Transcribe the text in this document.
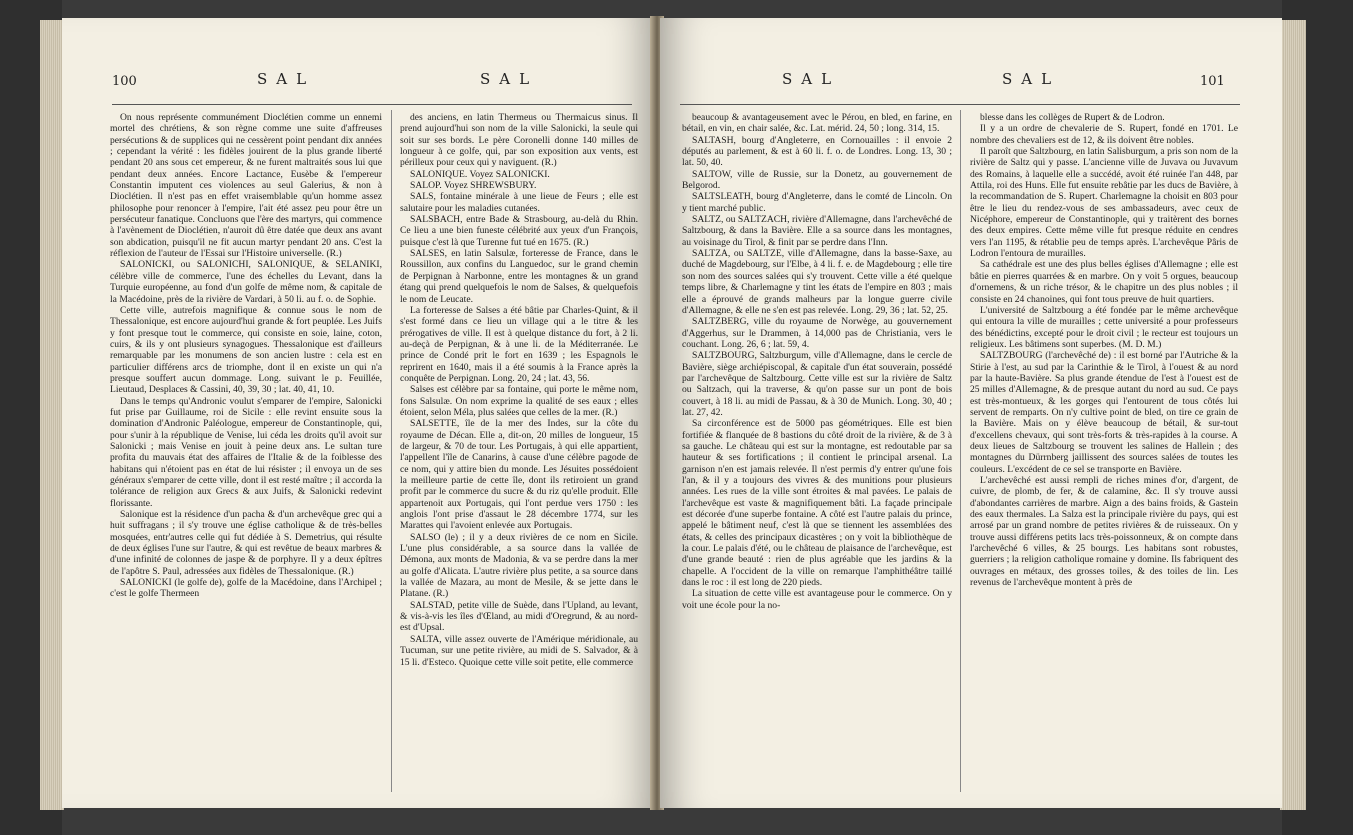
100	SAL	SAL

On nous représente communément Dioclétien comme un ennemi mortel des chrétiens, & son règne comme une suite d'affreuses persécutions & de supplices qui ne cessèrent point pendant dix années ; cependant la vérité : les fidèles jouirent de la plus grande liberté pendant 20 ans sous cet empereur, & ne furent maltraités sous lui que pendant deux années. Encore Lactance, Eusèbe & l'empereur Constantin imputent ces violences au seul Galerius, & non à Dioclétien. Il n'est pas en effet vraisemblable qu'un homme assez philosophe pour renoncer à l'empire, l'ait été assez peu pour être un persécuteur fanatique. Concluons que l'ère des martyrs, qui commence à l'avènement de Dioclétien, n'auroit dû être datée que deux ans avant son abdication, puisqu'il ne fit aucun martyr pendant 20 ans. C'est la réflexion de l'auteur de l'Essai sur l'Histoire universelle. (R.)

SALONICKI, ou SALONICHI, SALONIQUE, & SELANIKI, célèbre ville de commerce, l'une des échelles du Levant, dans la Turquie européenne, au fond d'un golfe de même nom, & capitale de la Macédoine, près de la rivière de Vardari, à 50 li. au f. o. de Sophie.

Cette ville, autrefois magnifique & connue sous le nom de Thessalonique, est encore aujourd'hui grande & fort peuplée. Les Juifs y font presque tout le commerce, qui consiste en soie, laine, coton, cuirs, & ils y ont plusieurs synagogues. Thessalonique est d'ailleurs remarquable par les monumens de son ancien lustre : cela est en particulier différens arcs de triomphe, dont il en existe un qui n'a presque souffert aucun dommage. Long. suivant le p. Feuillée, Lieutaud, Desplaces & Cassini, 40, 39, 30 ; lat. 40, 41, 10.

Dans le temps qu'Andronic voulut s'emparer de l'empire, Salonicki fut prise par Guillaume, roi de Sicile : elle revint ensuite sous la domination d'Andronic Paléologue, empereur de Constantinople, qui, pour s'unir à la république de Venise, lui céda les droits qu'il avoit sur Salonicki ; mais Venise en jouit à peine deux ans. Le sultan ture profita du mauvais état des affaires de l'Italie & de la foiblesse des habitans qui n'étoient pas en état de lui résister ; il envoya un de ses généraux s'emparer de cette ville, dont il est resté maître ; il accorda la tolérance de religion aux Grecs & aux Juifs, & Salonicki redevint florissante.

Salonique est la résidence d'un pacha & d'un archevêque grec qui a huit suffragans ; il s'y trouve une église catholique & de très-belles mosquées, entr'autres celle qui fut dédiée à S. Demetrius, qui résulte de deux églises l'une sur l'autre, & qui est revêtue de beaux marbres & d'une infinité de colonnes de jaspe & de porphyre. Il y a deux épîtres de l'apôtre S. Paul, adressées aux fidèles de Thessalonique. (R.)

SALONICKI (le golfe de), golfe de la Macédoine, dans l'Archipel ; c'est le golfe Thermeen

des anciens, en latin Thermeus ou Thermaicus sinus. Il prend aujourd'hui son nom de la ville Salonicki, la seule qui soit sur ses bords. Le père Coronelli donne 140 milles de longueur à ce golfe, qui, par son exposition aux vents, est périlleux pour ceux qui y naviguent. (R.)

SALONIQUE. Voyez SALONICKI.

SALOP. Voyez SHREWSBURY.

SALS, fontaine minérale à une lieue de Feurs ; elle est salutaire pour les maladies cutanées.

SALSBACH, entre Bade & Strasbourg, au-delà du Rhin. Ce lieu a une bien funeste célébrité aux yeux d'un François, puisque c'est là que Turenne fut tué en 1675. (R.)

SALSES, en latin Salsulæ, forteresse de France, dans le Roussillon, aux confins du Languedoc, sur le grand chemin de Perpignan à Narbonne, entre les montagnes & un grand étang qui prend quelquefois le nom de Salses, & quelquefois le nom de Leucate.

La forteresse de Salses a été bâtie par Charles-Quint, & il s'est formé dans ce lieu un village qui a le titre & les prérogatives de ville. Il est à quelque distance du fort, à 2 li. au-deçà de Perpignan, & à une li. de la Méditerranée. Le prince de Condé prit le fort en 1639 ; les Espagnols le reprirent en 1640, mais il a été soumis à la France après la conquête de Perpignan. Long. 20, 24 ; lat. 43, 56.

Salses est célèbre par sa fontaine, qui porte le même nom, fons Salsulæ. On nom exprime la qualité de ses eaux ; elles étoient, selon Méla, plus salées que celles de la mer. (R.)

SALSETTE, île de la mer des Indes, sur la côte du royaume de Décan. Elle a, dit-on, 20 milles de longueur, 15 de largeur, & 70 de tour. Les Portugais, à qui elle appartient, l'appellent l'île de Canarins, à cause d'une célèbre pagode de ce nom, qui y attire bien du monde. Les Jésuites possédoient la meilleure partie de cette île, dont ils retiroient un grand profit par le commerce du sucre & du riz qu'elle produit. Elle appartenoit aux Portugais, qui l'ont perdue vers 1750 : les anglois l'ont prise d'assaut le 28 décembre 1774, sur les Marattes qui l'avoient enlevée aux Portugais.

SALSO (le) ; il y a deux rivières de ce nom en Sicile. L'une plus considérable, a sa source dans la vallée de Démona, aux monts de Madonia, & va se perdre dans la mer au golfe d'Alicata. L'autre rivière plus petite, a sa source dans la vallée de Mazara, au mont de Mesile, & se jette dans le Platane. (R.)

SALSTAD, petite ville de Suède, dans l'Upland, au levant, & vis-à-vis les îles d'Œland, au midi d'Oregrund, & au nord-est d'Upsal.

SALTA, ville assez ouverte de l'Amérique méridionale, au Tucuman, sur une petite rivière, au midi de S. Salvador, & à 15 li. d'Esteco. Quoique cette ville soit petite, elle commerce

SAL	SAL	101

beaucoup & avantageusement avec le Pérou, en bled, en farine, en bétail, en vin, en chair salée, &c. Lat. mérid. 24, 50 ; long. 314, 15.

SALTASH, bourg d'Angleterre, en Cornouailles : il envoie 2 députés au parlement, & est à 60 li. f. o. de Londres. Long. 13, 30 ; lat. 50, 40.

SALTOW, ville de Russie, sur la Donetz, au gouvernement de Belgorod.

SALTSLEATH, bourg d'Angleterre, dans le comté de Lincoln. On y tient marché public.

SALTZ, ou SALTZACH, rivière d'Allemagne, dans l'archevêché de Saltzbourg, & dans la Bavière. Elle a sa source dans les montagnes, au voisinage du Tirol, & finit par se perdre dans l'Inn.

SALTZA, ou SALTZE, ville d'Allemagne, dans la basse-Saxe, au duché de Magdebourg, sur l'Elbe, à 4 li. f. e. de Magdebourg ; elle tire son nom des sources salées qui s'y trouvent. Cette ville a été quelque temps libre, & Charlemagne y tint les états de l'empire en 803 ; mais elle a éprouvé de grands malheurs par la longue guerre civile d'Allemagne, & elle ne s'en est pas relevée. Long. 29, 36 ; lat. 52, 25.

SALTZBERG, ville du royaume de Norwège, au gouvernement d'Aggerhus, sur le Drammen, à 14,000 pas de Christiania, vers le couchant. Long. 26, 6 ; lat. 59, 4.

SALTZBOURG, Saltzburgum, ville d'Allemagne, dans le cercle de Bavière, siège archiépiscopal, & capitale d'un état souverain, possédé par l'archevêque de Saltzbourg. Cette ville est sur la rivière de Saltz ou Saltzach, qui la traverse, & qu'on passe sur un pont de bois couvert, à 18 li. au midi de Passau, & à 30 de Munich. Long. 30, 40 ; lat. 27, 42.

Sa circonférence est de 5000 pas géométriques. Elle est bien fortifiée & flanquée de 8 bastions du côté droit de la rivière, & de 3 à sa gauche. Le château qui est sur la montagne, est redoutable par sa hauteur & ses fortifications ; il contient le principal arsenal. La garnison n'en est jamais relevée. Il n'est permis d'y entrer qu'une fois l'an, & il y a toujours des vivres & des munitions pour plusieurs années. Les rues de la ville sont étroites & mal pavées. Le palais de l'archevêque est vaste & magnifiquement bâti. La façade principale est décorée d'une superbe fontaine. A côté est l'autre palais du prince, appelé le bâtiment neuf, c'est là que se tiennent les assemblées des états, & celles des principaux dicastères ; on y voit la bibliothèque de la cour. Le palais d'été, ou le château de plaisance de l'archevêque, est d'une grande beauté : rien de plus agréable que les jardins & la chapelle. A l'occident de la ville on remarque l'amphithéâtre taillé dans le roc : il est long de 220 pieds.

La situation de cette ville est avantageuse pour le commerce. On y voit une école pour la no-

blesse dans les collèges de Rupert & de Lodron.

Il y a un ordre de chevalerie de S. Rupert, fondé en 1701. Le nombre des chevaliers est de 12, & ils doivent être nobles.

Il paroît que Saltzbourg, en latin Salisburgum, a pris son nom de la rivière de Saltz qui y passe. L'ancienne ville de Juvava ou Juvavum des Romains, à laquelle elle a succédé, avoit été ruinée l'an 448, par Attila, roi des Huns. Elle fut ensuite rebâtie par les ducs de Bavière, à la recommandation de S. Rupert. Charlemagne la choisit en 803 pour être le lieu du rendez-vous de ses ambassadeurs, avec ceux de Nicéphore, empereur de Constantinople, qui y traitèrent des bornes des deux empires. Cette même ville fut presque réduite en cendres vers l'an 1195, & rétablie peu de temps après. L'archevêque Pâris de Lodron l'entoura de murailles.

Sa cathédrale est une des plus belles églises d'Allemagne ; elle est bâtie en pierres quarrées & en marbre. On y voit 5 orgues, beaucoup d'ornemens, & un riche trésor, & le chapitre un des plus nobles ; il consiste en 24 chanoines, qui font tous preuve de huit quartiers.

L'université de Saltzbourg a été fondée par le même archevêque qui entoura la ville de murailles ; cette université a pour professeurs des bénédictins, excepté pour le droit civil ; le recteur est toujours un religieux. Les bâtimens sont superbes. (M. D. M.)

SALTZBOURG (l'archevêché de) : il est borné par l'Autriche & la Stirie à l'est, au sud par la Carinthie & le Tirol, à l'ouest & au nord par la haute-Bavière. Sa plus grande étendue de l'est à l'ouest est de 25 milles d'Allemagne, & de presque autant du nord au sud. Ce pays est très-montueux, & les gorges qui l'entourent de tous côtés lui servent de remparts. On n'y cultive point de bled, on tire ce grain de la Bavière. Mais on y élève beaucoup de bétail, & sur-tout d'excellens chevaux, qui sont très-forts & très-rapides à la course. A deux lieues de Saltzbourg se trouvent les salines de Hallein ; des montagnes du Dürrnberg jaillissent des sources salées de toutes les couleurs. L'excédent de ce sel se transporte en Bavière.

L'archevêché est aussi rempli de riches mines d'or, d'argent, de cuivre, de plomb, de fer, & de calamine, &c. Il s'y trouve aussi d'abondantes carrières de marbre. Aign a des bains froids, & Gastein des eaux thermales. La Salza est la principale rivière du pays, qui est arrosé par un grand nombre de petites rivières & de ruisseaux. On y trouve aussi différens petits lacs très-poissonneux, & on compte dans l'archevêché 6 villes, & 25 bourgs. Les habitans sont robustes, guerriers ; la religion catholique romaine y domine. Ils fabriquent des ouvrages en métaux, des grosses toiles, & des toiles de lin. Les revenus de l'archevêque montent à près de
